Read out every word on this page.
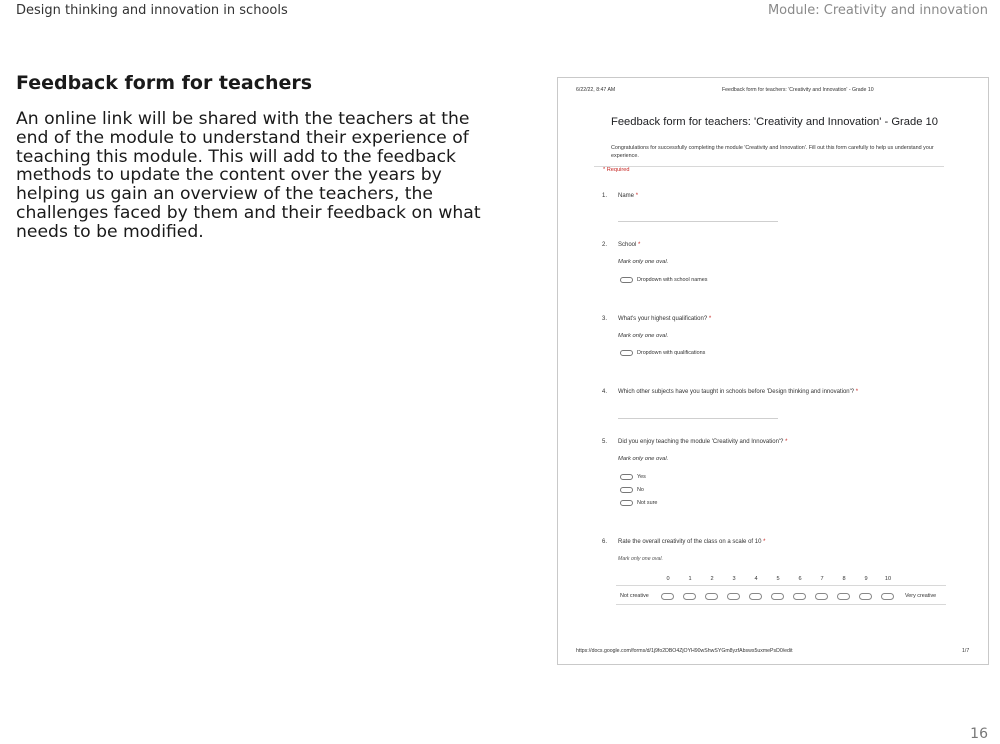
Design thinking and innovation in schools	Module: Creativity and innovation
Feedback form for teachers
An online link will be shared with the teachers at the end of the module to understand their experience of teaching this module. This will add to the feedback methods to update the content over the years by helping us gain an overview of the teachers, the challenges faced by them and their feedback on what needs to be modified.
6/22/22, 8:47 AM	Feedback form for teachers: 'Creativity and Innovation' - Grade 10
Feedback form for teachers: 'Creativity and Innovation' - Grade 10
Congratulations for successfully completing the module 'Creativity and Innovation'. Fill out this form carefully to help us understand your experience.
* Required
1. Name *
2. School *
Mark only one oval.
Dropdown with school names
3. What's your highest qualification? *
Mark only one oval.
Dropdown with qualifications
4. Which other subjects have you taught in schools before 'Design thinking and innovation'? *
5. Did you enjoy teaching the module 'Creativity and Innovation'? *
Mark only one oval.
Yes
No
Not sure
6. Rate the overall creativity of the class on a scale of 10 *
Mark only one oval.
0	1	2	3	4	5	6	7	8	9	10
Not creative	Very creative
https://docs.google.com/forms/d/1j9fo2DBO4ZjOYH90wShwSYGm8yzfAbsws5uxmePsD0/edit	1/7
16
